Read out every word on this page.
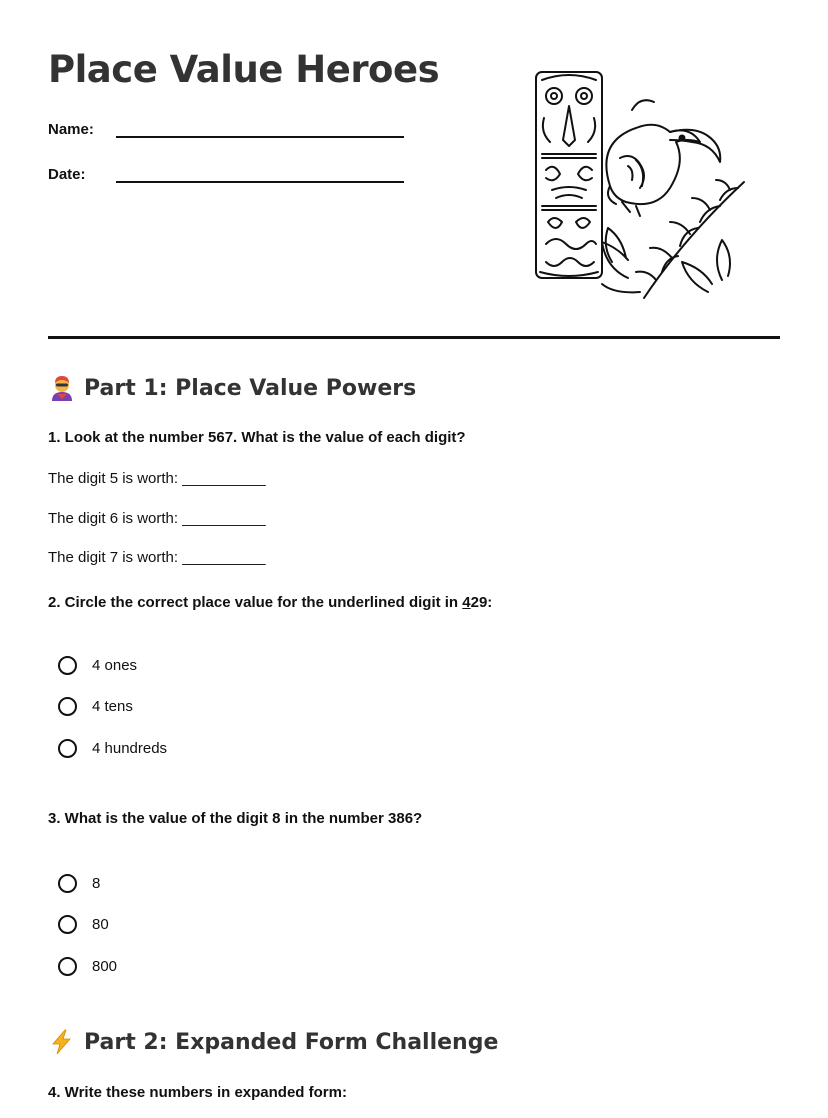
Place Value Heroes
Name:
Date:
Part 1: Place Value Powers
1. Look at the number 567. What is the value of each digit?
The digit 5 is worth: __________
The digit 6 is worth: __________
The digit 7 is worth: __________
2. Circle the correct place value for the underlined digit in 429:
4 ones
4 tens
4 hundreds
3. What is the value of the digit 8 in the number 386?
8
80
800
Part 2: Expanded Form Challenge
4. Write these numbers in expanded form:
